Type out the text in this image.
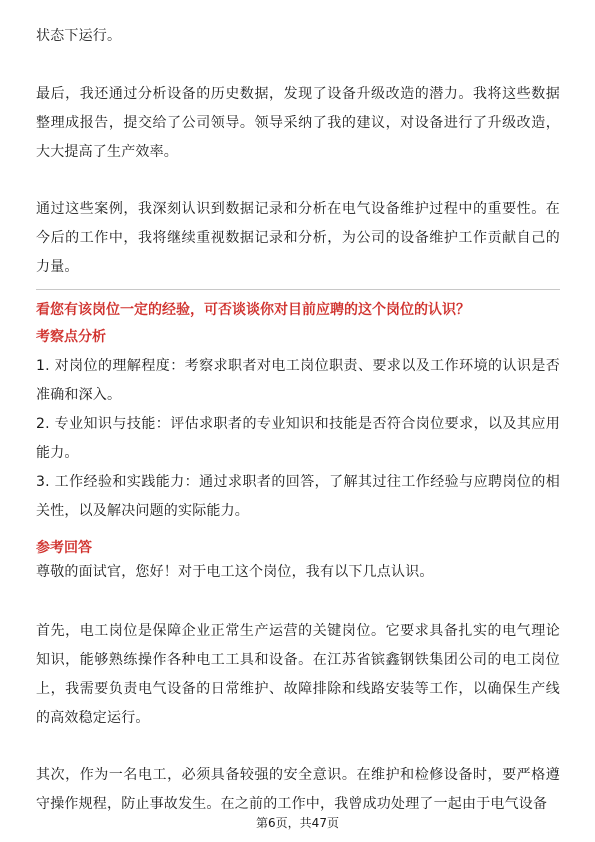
状态下运行。

最后，我还通过分析设备的历史数据，发现了设备升级改造的潜力。我将这些数据整理成报告，提交给了公司领导。领导采纳了我的建议，对设备进行了升级改造，大大提高了生产效率。

通过这些案例，我深刻认识到数据记录和分析在电气设备维护过程中的重要性。在今后的工作中，我将继续重视数据记录和分析，为公司的设备维护工作贡献自己的力量。

看您有该岗位一定的经验，可否谈谈你对目前应聘的这个岗位的认识？

考察点分析

1. 对岗位的理解程度：考察求职者对电工岗位职责、要求以及工作环境的认识是否准确和深入。

2. 专业知识与技能：评估求职者的专业知识和技能是否符合岗位要求，以及其应用能力。

3. 工作经验和实践能力：通过求职者的回答，了解其过往工作经验与应聘岗位的相关性，以及解决问题的实际能力。

参考回答

尊敬的面试官，您好！对于电工这个岗位，我有以下几点认识。

首先，电工岗位是保障企业正常生产运营的关键岗位。它要求具备扎实的电气理论知识，能够熟练操作各种电工工具和设备。在江苏省镔鑫钢铁集团公司的电工岗位上，我需要负责电气设备的日常维护、故障排除和线路安装等工作，以确保生产线的高效稳定运行。

其次，作为一名电工，必须具备较强的安全意识。在维护和检修设备时，要严格遵守操作规程，防止事故发生。在之前的工作中，我曾成功处理了一起由于电气设备

第6页，共47页
